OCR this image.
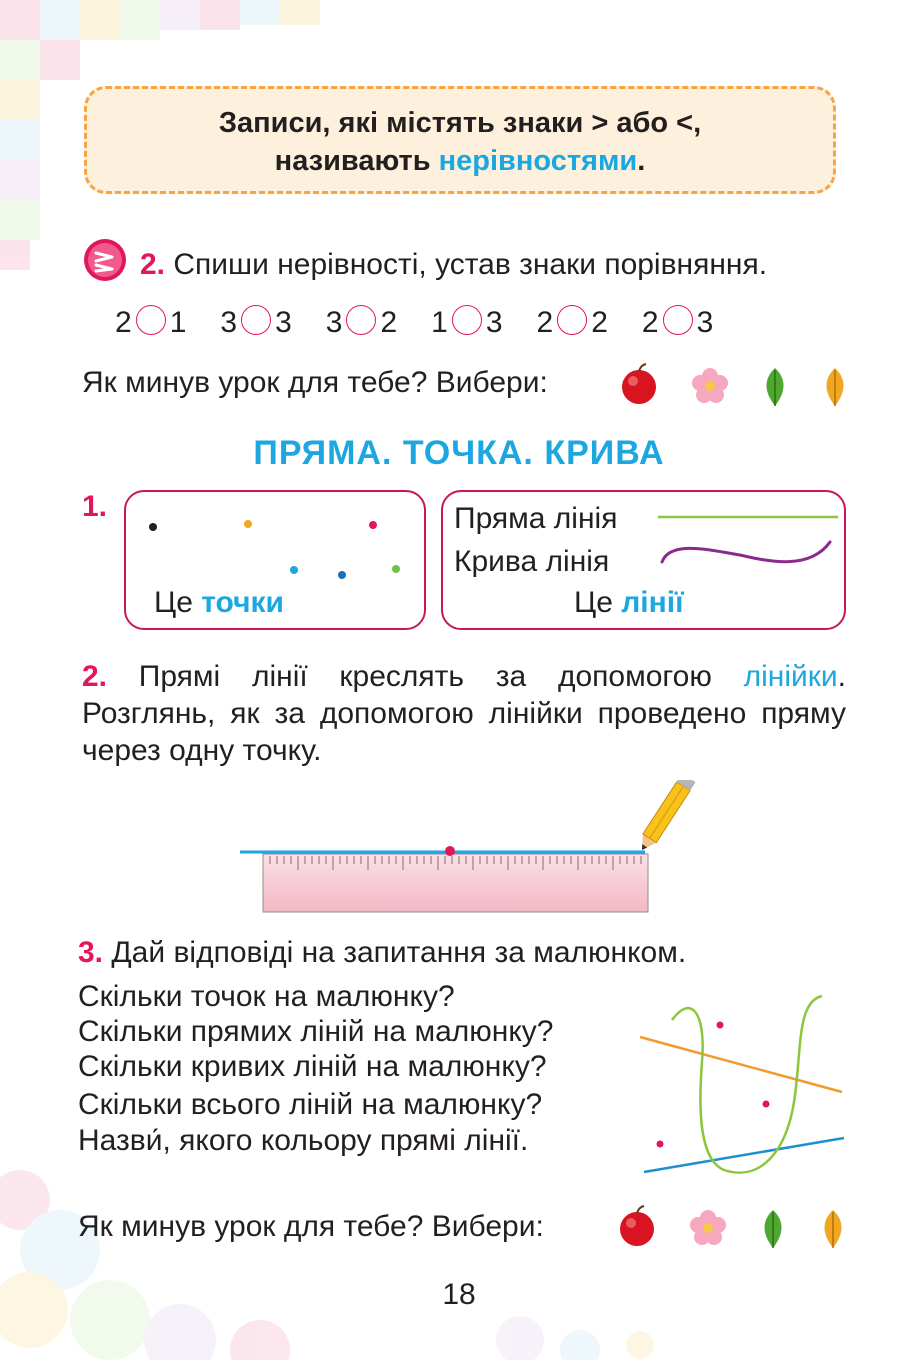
Записи, які містять знаки > або <,
називають нерівностями.
2. Спиши нерівності, устав знаки порівняння.
2 1 3 3 3 2 1 3 2 2 2 3
Як минув урок для тебе? Вибери:
ПРЯМА. ТОЧКА. КРИВА
1.
Це точки
Пряма лінія
Крива лінія
Це лінії
2. Прямі лінії креслять за допомогою лінійки. Розглянь, як за допомогою лінійки проведено пряму через одну точку.
3. Дай відповіді на запитання за малюнком.
Скільки точок на малюнку?
Скільки прямих ліній на малюнку?
Скільки кривих ліній на малюнку?
Скільки всього ліній на малюнку?
Назви́, якого кольору прямі лінії.
Як минув урок для тебе? Вибери:
18
